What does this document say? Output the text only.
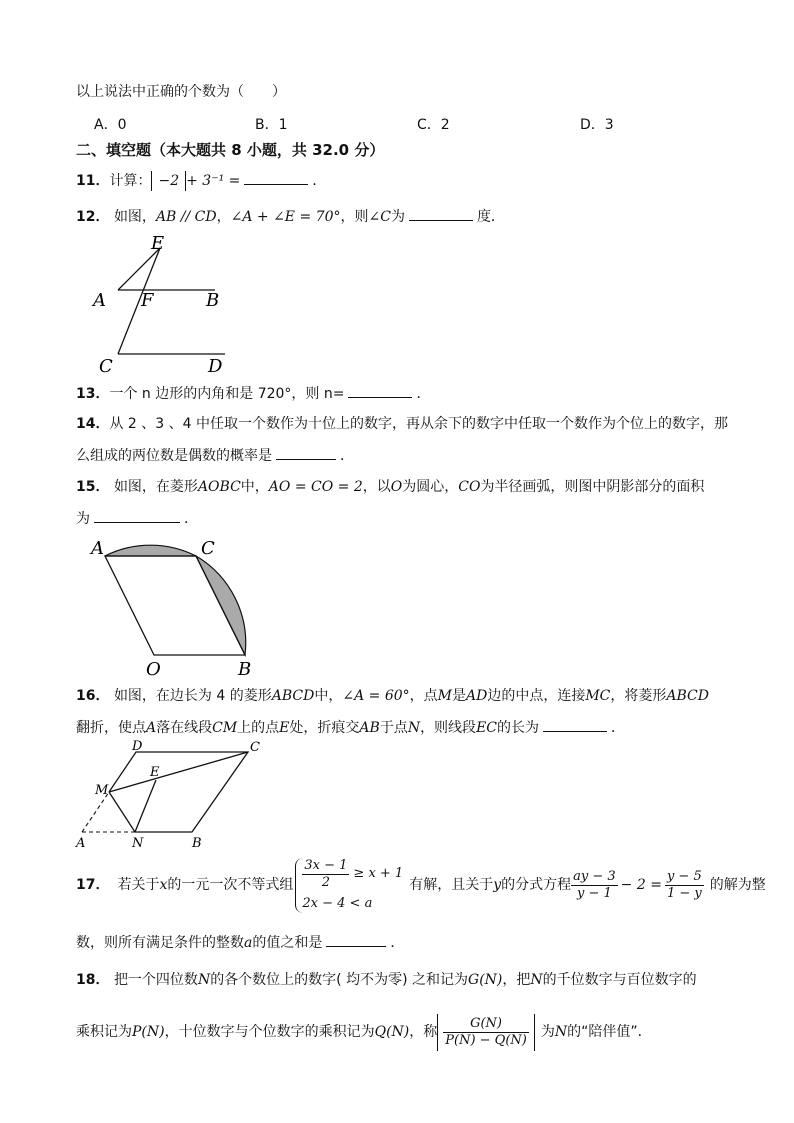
以上说法中正确的个数为（　　）
A．0	B．1	C．2	D．3
二、填空题（本大题共 8 小题，共 32.0 分）
11．计算： −2 + 3⁻¹ =	．
12． 如图，AB // CD，∠A + ∠E = 70°，则∠C为	度．
E
A F	B
C	D
13．一个 n 边形的内角和是 720°，则 n=	．
14．从 2 、3 、4 中任取一个数作为十位上的数字，再从余下的数字中任取一个数作为个位上的数字，那
么组成的两位数是偶数的概率是	．
15． 如图，在菱形AOBC中，AO = CO = 2，以O为圆心，CO为半径画弧，则图中阴影部分的面积
为	．
A	C
O	B
16． 如图，在边长为 4 的菱形ABCD中，∠A = 60°，点M是AD边的中点，连接MC，将菱形ABCD
翻折，使点A落在线段CM上的点E处，折痕交AB于点N，则线段EC的长为	．
D	C
M
E
A	N	B
17． 若关于 x 的一元一次不等式组 $\frac{3x - 1}{2} \ge x + 1$
2x − 4 < a
有解，且关于 y 的分式方程 $\frac{ay - 3}{y - 1} - 2 = \frac{y - 5}{1 - y}$ 的解为整
数，则所有满足条件的整数a的值之和是	．
18． 把一个四位数N的各个数位上的数字( 均不为零) 之和记为G(N)，把N的千位数字与百位数字的
乘积记为 P(N) ，十位数字与个位数字的乘积记为 Q(N) ，称 $\frac{G(N)}{P(N) - Q(N)}$ 为 N 的“陪伴值”．
